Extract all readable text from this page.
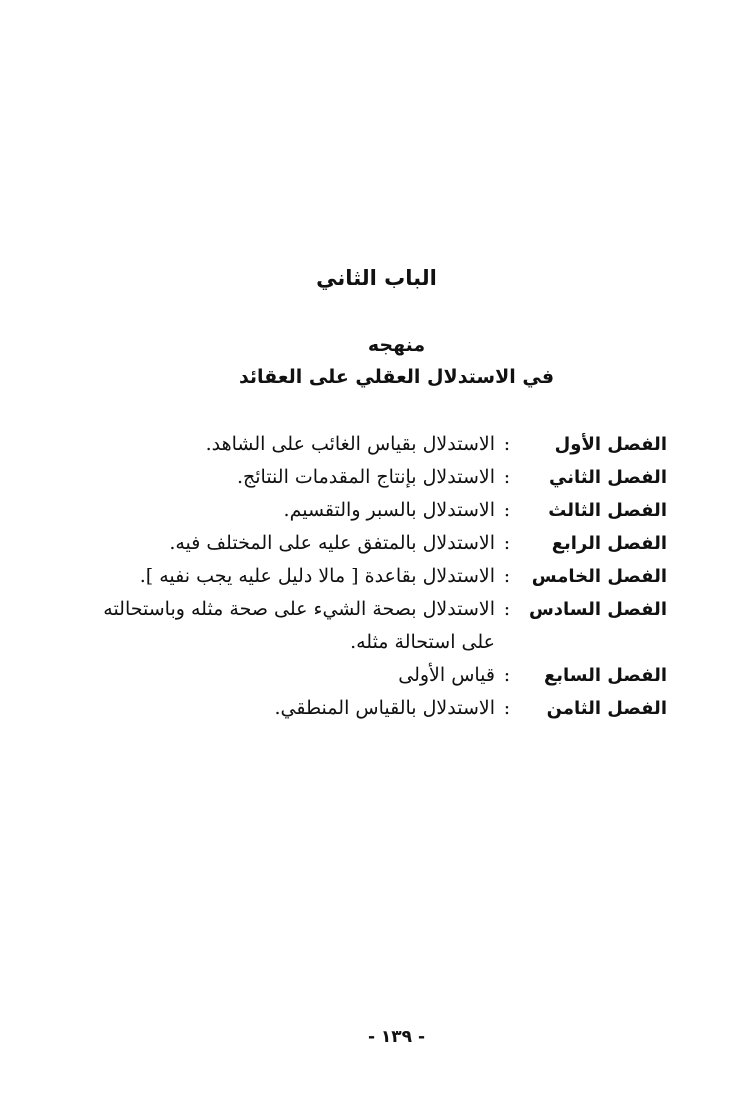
الباب الثاني
منهجه
في الاستدلال العقلي على العقائد
الفصل الأول
:
الاستدلال بقياس الغائب على الشاهد.
الفصل الثاني
:
الاستدلال بإنتاج المقدمات النتائج.
الفصل الثالث
:
الاستدلال بالسبر والتقسيم.
الفصل الرابع
:
الاستدلال بالمتفق عليه على المختلف فيه.
الفصل الخامس
:
الاستدلال بقاعدة [ مالا دليل عليه يجب نفيه ].
الفصل السادس
:
الاستدلال بصحة الشيء على صحة مثله وباستحالته على استحالة مثله.
الفصل السابع
:
قياس الأولى
الفصل الثامن
:
الاستدلال بالقياس المنطقي.
- ١٣٩ -
